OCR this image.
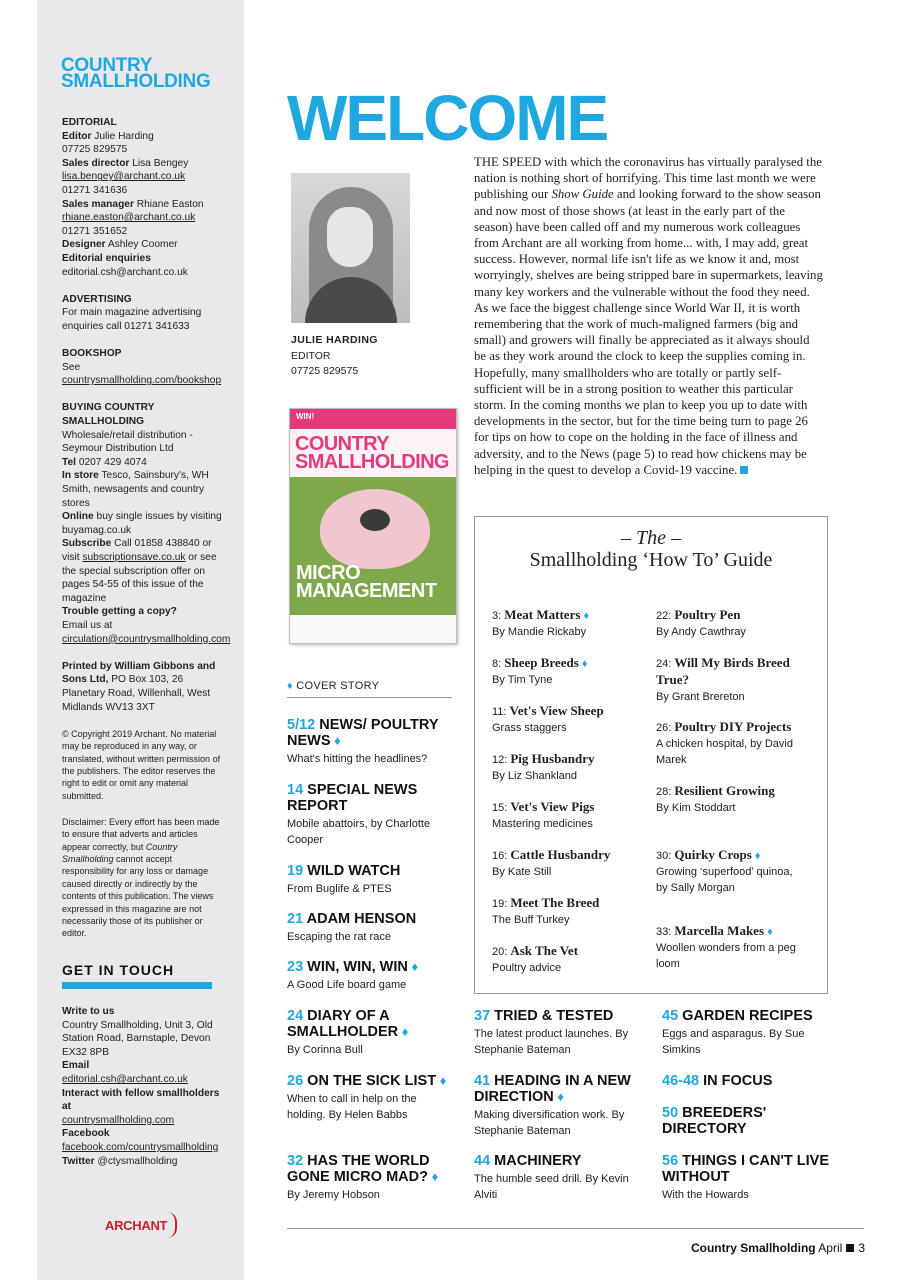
COUNTRY
SMALLHOLDING
EDITORIAL
Editor Julie Harding
07725 829575
Sales director Lisa Bengey
lisa.bengey@archant.co.uk
01271 341636
Sales manager Rhiane Easton
rhiane.easton@archant.co.uk
01271 351652
Designer Ashley Coomer
Editorial enquiries
editorial.csh@archant.co.uk
ADVERTISING
For main magazine advertising enquiries call 01271 341633
BOOKSHOP
See countrysmallholding.com/bookshop
BUYING COUNTRY SMALLHOLDING
Wholesale/retail distribution - Seymour Distribution Ltd
Tel 0207 429 4074
In store Tesco, Sainsbury's, WH Smith, newsagents and country stores
Online buy single issues by visiting buyamag.co.uk
Subscribe Call 01858 438840 or visit subscriptionsave.co.uk or see the special subscription offer on pages 54-55 of this issue of the magazine
Trouble getting a copy?
Email us at circulation@countrysmallholding.com
Printed by William Gibbons and Sons Ltd, PO Box 103, 26 Planetary Road, Willenhall, West Midlands WV13 3XT
© Copyright 2019 Archant. No material may be reproduced in any way, or translated, without written permission of the publishers. The editor reserves the right to edit or omit any material submitted.
Disclaimer: Every effort has been made to ensure that adverts and articles appear correctly, but Country Smallholding cannot accept responsibility for any loss or damage caused directly or indirectly by the contents of this publication. The views expressed in this magazine are not necessarily those of its publisher or editor.
GET IN TOUCH
Write to us
Country Smallholding, Unit 3, Old Station Road, Barnstaple, Devon EX32 8PB
Email
editorial.csh@archant.co.uk
Interact with fellow smallholders at
countrysmallholding.com
Facebook facebook.com/countrysmallholding
Twitter @ctysmallholding
ARCHANT
WELCOME
JULIE HARDING
EDITOR
07725 829575
WIN!
COUNTRY
SMALLHOLDING
MICRO
MANAGEMENT
♦ COVER STORY
THE SPEED with which the coronavirus has virtually paralysed the nation is nothing short of horrifying. This time last month we were publishing our Show Guide and looking forward to the show season and now most of those shows (at least in the early part of the season) have been called off and my numerous work colleagues from Archant are all working from home... with, I may add, great success. However, normal life isn't life as we know it and, most worryingly, shelves are being stripped bare in supermarkets, leaving many key workers and the vulnerable without the food they need. As we face the biggest challenge since World War II, it is worth remembering that the work of much-maligned farmers (big and small) and growers will finally be appreciated as it always should be as they work around the clock to keep the supplies coming in. Hopefully, many smallholders who are totally or partly self-sufficient will be in a strong position to weather this particular storm. In the coming months we plan to keep you up to date with developments in the sector, but for the time being turn to page 26 for tips on how to cope on the holding in the face of illness and adversity, and to the News (page 5) to read how chickens may be helping in the quest to develop a Covid-19 vaccine.
– The –
Smallholding ‘How To’ Guide
3: Meat Matters ♦
By Mandie Rickaby
8: Sheep Breeds ♦
By Tim Tyne
11: Vet's View Sheep
Grass staggers
12: Pig Husbandry
By Liz Shankland
15: Vet's View Pigs
Mastering medicines
16: Cattle Husbandry
By Kate Still
19: Meet The Breed
The Buff Turkey
20: Ask The Vet
Poultry advice
22: Poultry Pen
By Andy Cawthray
24: Will My Birds Breed True?
By Grant Brereton
26: Poultry DIY Projects
A chicken hospital, by David Marek
28: Resilient Growing
By Kim Stoddart
30: Quirky Crops ♦
Growing ‘superfood’ quinoa, by Sally Morgan
33: Marcella Makes ♦
Woollen wonders from a peg loom
5/12 NEWS/ POULTRY NEWS ♦
What's hitting the headlines?
14 SPECIAL NEWS REPORT
Mobile abattoirs, by Charlotte Cooper
19 WILD WATCH
From Buglife & PTES
21 ADAM HENSON
Escaping the rat race
23 WIN, WIN, WIN ♦
A Good Life board game
24 DIARY OF A SMALLHOLDER ♦
By Corinna Bull
26 ON THE SICK LIST ♦
When to call in help on the holding. By Helen Babbs
32 HAS THE WORLD GONE MICRO MAD? ♦
By Jeremy Hobson
37 TRIED & TESTED
The latest product launches. By Stephanie Bateman
41 HEADING IN A NEW DIRECTION ♦
Making diversification work. By Stephanie Bateman
44 MACHINERY
The humble seed drill. By Kevin Alviti
45 GARDEN RECIPES
Eggs and asparagus. By Sue Simkins
46-48 IN FOCUS
50 BREEDERS' DIRECTORY
56 THINGS I CAN'T LIVE WITHOUT
With the Howards
Country Smallholding April 3
